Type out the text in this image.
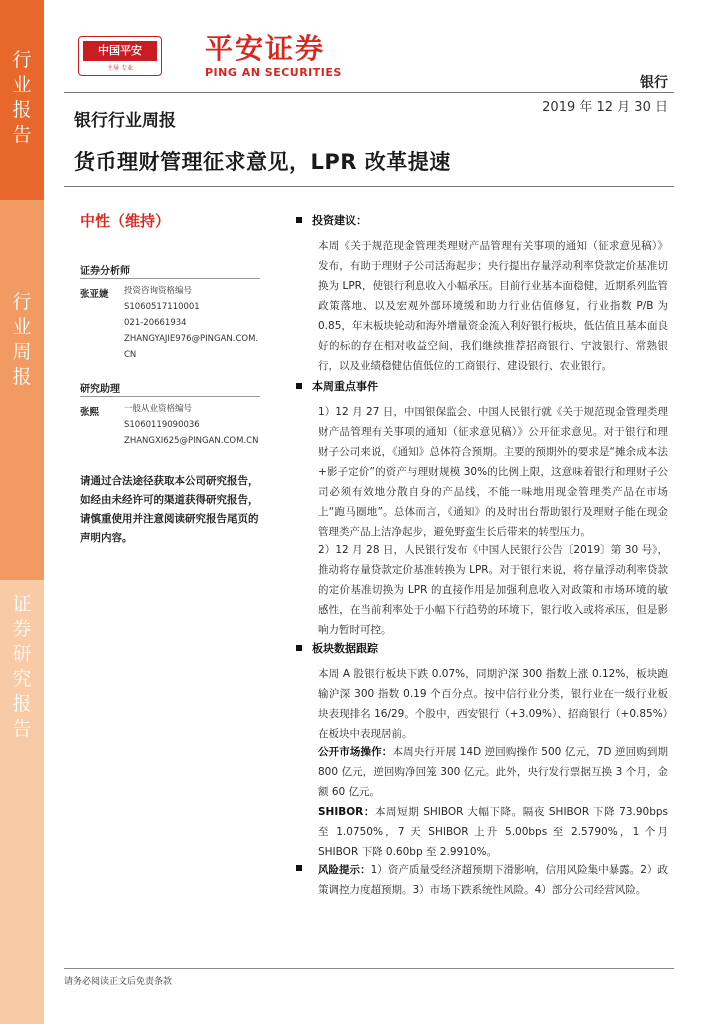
行
业
报
告
行
业
周
报
证
券
研
究
报
告
中国平安
主导 专业
平安证券
PING AN SECURITIES
银行
2019 年 12 月 30 日
银行行业周报
货币理财管理征求意见，LPR 改革提速
中性（维持）
证券分析师
张亚婕 投资咨询资格编号
S1060517110001
021-20661934
ZHANGYAJIE976@PINGAN.COM.CN
研究助理
张熙	一般从业资格编号
S1060119090036
ZHANGXI625@PINGAN.COM.CN
请通过合法途径获取本公司研究报告，如经由未经许可的渠道获得研究报告，请慎重使用并注意阅读研究报告尾页的声明内容。
投资建议：
本周《关于规范现金管理类理财产品管理有关事项的通知（征求意见稿）》发布，有助于理财子公司活海起步；央行提出存量浮动利率贷款定价基准切换为 LPR，使银行利息收入小幅承压。目前行业基本面稳健，近期系列监管政策落地、以及宏观外部环境缓和助力行业估值修复，行业指数 P/B 为 0.85，年末板块轮动和海外增量资金流入利好银行板块，低估值且基本面良好的标的存在相对收益空间，我们继续推荐招商银行、宁波银行、常熟银行，以及业绩稳健估值低位的工商银行、建设银行、农业银行。
本周重点事件
1）12 月 27 日，中国银保监会、中国人民银行就《关于规范现金管理类理财产品管理有关事项的通知（征求意见稿）》公开征求意见。对于银行和理财子公司来说，《通知》总体符合预期。主要的预期外的要求是“摊余成本法+影子定价”的资产与理财规模 30%的比例上限，这意味着银行和理财子公司必须有效地分散自身的产品线，不能一味地用现金管理类产品在市场上“跑马圈地”。总体而言，《通知》的及时出台帮助银行及理财子能在现金管理类产品上洁净起步，避免野蛮生长后带来的转型压力。
2）12 月 28 日，人民银行发布《中国人民银行公告〔2019〕第 30 号》，推动将存量贷款定价基准转换为 LPR。对于银行来说，将存量浮动利率贷款的定价基准切换为 LPR 的直接作用是加强利息收入对政策和市场环境的敏感性，在当前利率处于小幅下行趋势的环境下，银行收入或将承压，但是影响力暂时可控。
板块数据跟踪
本周 A 股银行板块下跌 0.07%，同期沪深 300 指数上涨 0.12%，板块跑输沪深 300 指数 0.19 个百分点。按中信行业分类，银行业在一级行业板块表现排名 16/29。个股中，西安银行（+3.09%）、招商银行（+0.85%）在板块中表现居前。
公开市场操作：本周央行开展 14D 逆回购操作 500 亿元，7D 逆回购到期 800 亿元，逆回购净回笼 300 亿元。此外，央行发行票据互换 3 个月，金额 60 亿元。
SHIBOR：本周短期 SHIBOR 大幅下降。隔夜 SHIBOR 下降 73.90bps 至 1.0750%，7 天 SHIBOR 上升 5.00bps 至 2.5790%，1 个月 SHIBOR 下降 0.60bp 至 2.9910%。
风险提示：1）资产质量受经济超预期下滑影响，信用风险集中暴露。2）政策调控力度超预期。3）市场下跌系统性风险。4）部分公司经营风险。
请务必阅读正文后免责条款
